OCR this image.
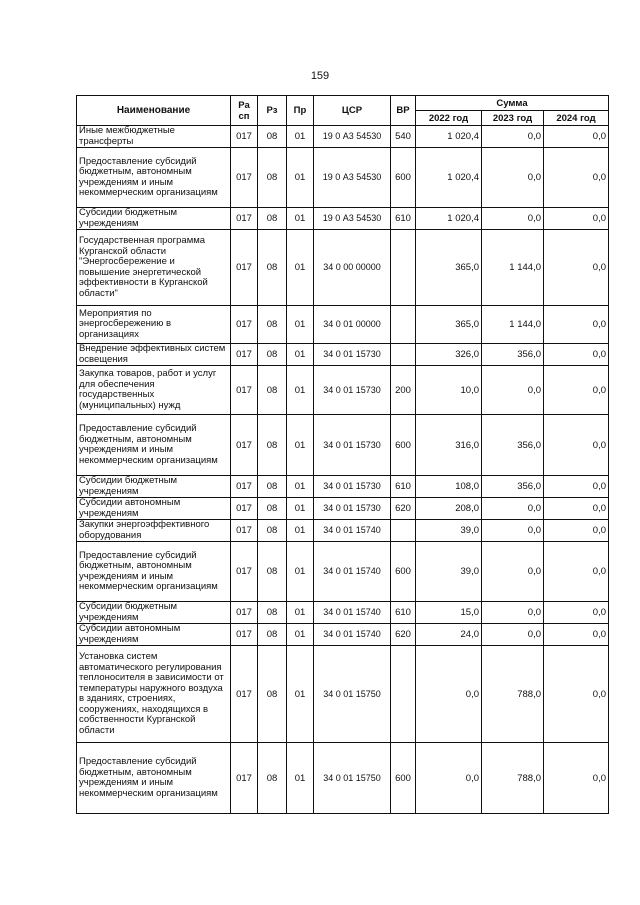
159
Наименование	Ра сп	Рз	Пр	ЦСР	ВР	Сумма		
						2022 год	2023 год	2024 год
Иные межбюджетные трансферты	017	08	01	19 0 А3 54530	540	1 020,4	0,0	0,0
Предоставление субсидий бюджетным, автономным учреждениям и иным некоммерческим организациям	017	08	01	19 0 А3 54530	600	1 020,4	0,0	0,0
Субсидии бюджетным учреждениям	017	08	01	19 0 А3 54530	610	1 020,4	0,0	0,0
Государственная программа Курганской области "Энергосбережение и повышение энергетической эффективности в Курганской области"	017	08	01	34 0 00 00000		365,0	1 144,0	0,0
Мероприятия по энергосбережению в организациях	017	08	01	34 0 01 00000		365,0	1 144,0	0,0
Внедрение эффективных систем освещения	017	08	01	34 0 01 15730		326,0	356,0	0,0
Закупка товаров, работ и услуг для обеспечения государственных (муниципальных) нужд	017	08	01	34 0 01 15730	200	10,0	0,0	0,0
Предоставление субсидий бюджетным, автономным учреждениям и иным некоммерческим организациям	017	08	01	34 0 01 15730	600	316,0	356,0	0,0
Субсидии бюджетным учреждениям	017	08	01	34 0 01 15730	610	108,0	356,0	0,0
Субсидии автономным учреждениям	017	08	01	34 0 01 15730	620	208,0	0,0	0,0
Закупки энергоэффективного оборудования	017	08	01	34 0 01 15740		39,0	0,0	0,0
Предоставление субсидий бюджетным, автономным учреждениям и иным некоммерческим организациям	017	08	01	34 0 01 15740	600	39,0	0,0	0,0
Субсидии бюджетным учреждениям	017	08	01	34 0 01 15740	610	15,0	0,0	0,0
Субсидии автономным учреждениям	017	08	01	34 0 01 15740	620	24,0	0,0	0,0
Установка систем автоматического регулирования теплоносителя в зависимости от температуры наружного воздуха в зданиях, строениях, сооружениях, находящихся в собственности Курганской области	017	08	01	34 0 01 15750		0,0	788,0	0,0
Предоставление субсидий бюджетным, автономным учреждениям и иным некоммерческим организациям	017	08	01	34 0 01 15750	600	0,0	788,0	0,0
